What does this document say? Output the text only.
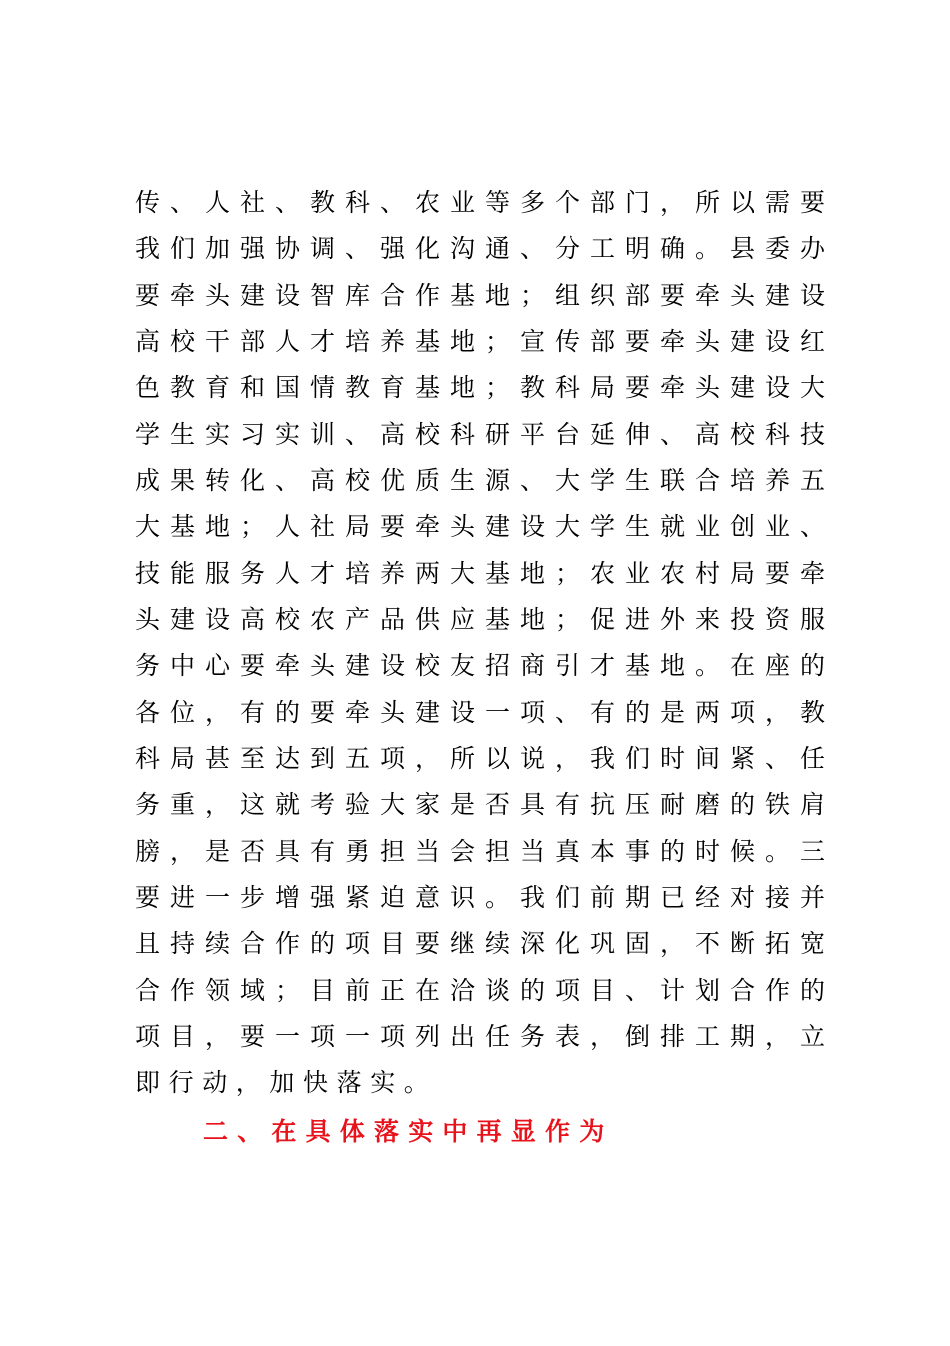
传、人社、教科、农业等多个部门，所以需要
我们加强协调、强化沟通、分工明确。县委办
要牵头建设智库合作基地；组织部要牵头建设
高校干部人才培养基地；宣传部要牵头建设红
色教育和国情教育基地；教科局要牵头建设大
学生实习实训、高校科研平台延伸、高校科技
成果转化、高校优质生源、大学生联合培养五
大基地；人社局要牵头建设大学生就业创业、
技能服务人才培养两大基地；农业农村局要牵
头建设高校农产品供应基地；促进外来投资服
务中心要牵头建设校友招商引才基地。在座的
各位，有的要牵头建设一项、有的是两项，教
科局甚至达到五项，所以说，我们时间紧、任
务重，这就考验大家是否具有抗压耐磨的铁肩
膀，是否具有勇担当会担当真本事的时候。三
要进一步增强紧迫意识。我们前期已经对接并
且持续合作的项目要继续深化巩固，不断拓宽
合作领域；目前正在洽谈的项目、计划合作的
项目，要一项一项列出任务表，倒排工期，立
即行动，加快落实。
二、在具体落实中再显作为
